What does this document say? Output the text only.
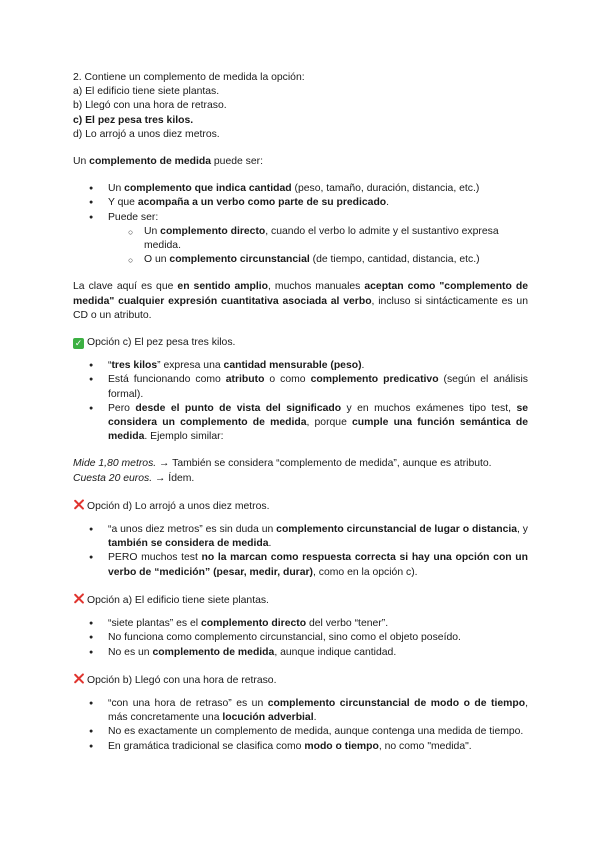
2. Contiene un complemento de medida la opción:

a) El edificio tiene siete plantas.

b) Llegó con una hora de retraso.

c) El pez pesa tres kilos.

d) Lo arrojó a unos diez metros.

Un complemento de medida puede ser:

● Un complemento que indica cantidad (peso, tamaño, duración, distancia, etc.)
● Y que acompaña a un verbo como parte de su predicado.
● Puede ser:
○ Un complemento directo, cuando el verbo lo admite y el sustantivo expresa medida.
○ O un complemento circunstancial (de tiempo, cantidad, distancia, etc.)

La clave aquí es que en sentido amplio, muchos manuales aceptan como "complemento de medida" cualquier expresión cuantitativa asociada al verbo, incluso si sintácticamente es un CD o un atributo.

✓ Opción c) El pez pesa tres kilos.

● “tres kilos” expresa una cantidad mensurable (peso).
● Está funcionando como atributo o como complemento predicativo (según el análisis formal).
● Pero desde el punto de vista del significado y en muchos exámenes tipo test, se considera un complemento de medida, porque cumple una función semántica de medida. Ejemplo similar:

Mide 1,80 metros. → También se considera “complemento de medida”, aunque es atributo.

Cuesta 20 euros. → Ídem.

Opción d) Lo arrojó a unos diez metros.

● “a unos diez metros” es sin duda un complemento circunstancial de lugar o distancia, y también se considera de medida.
● PERO muchos test no la marcan como respuesta correcta si hay una opción con un verbo de “medición” (pesar, medir, durar), como en la opción c).

Opción a) El edificio tiene siete plantas.

● “siete plantas” es el complemento directo del verbo “tener”.
● No funciona como complemento circunstancial, sino como el objeto poseído.
● No es un complemento de medida, aunque indique cantidad.

Opción b) Llegó con una hora de retraso.

● “con una hora de retraso” es un complemento circunstancial de modo o de tiempo, más concretamente una locución adverbial.
● No es exactamente un complemento de medida, aunque contenga una medida de tiempo.
● En gramática tradicional se clasifica como modo o tiempo, no como "medida".
